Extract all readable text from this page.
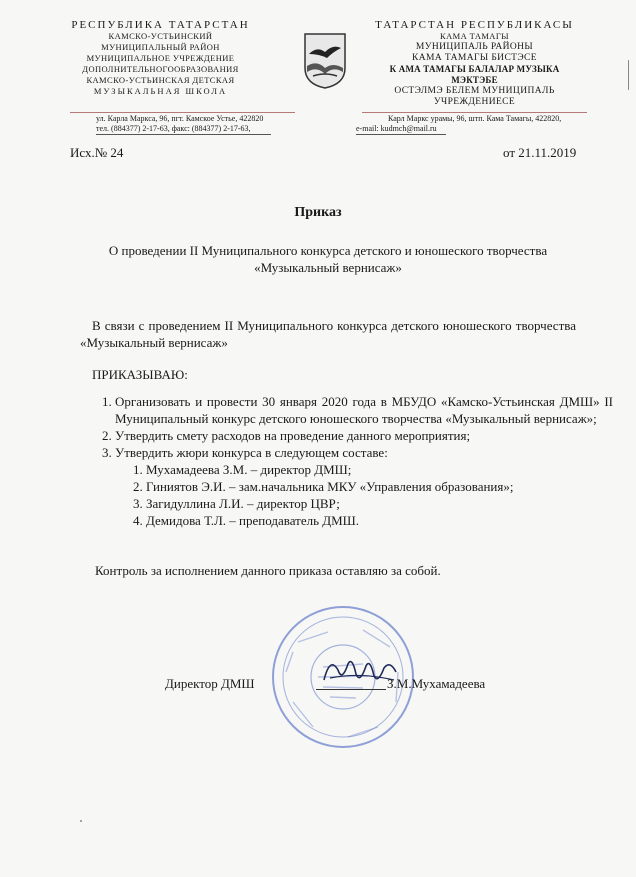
РЕСПУБЛИКА ТАТАРСТАН
КАМСКО-УСТЬИНСКИЙ
МУНИЦИПАЛЬНЫЙ РАЙОН
МУНИЦИПАЛЬНОЕ УЧРЕЖДЕНИЕ
ДОПОЛНИТЕЛЬНОГООБРАЗОВАНИЯ
КАМСКО-УСТЬИНСКАЯ ДЕТСКАЯ
МУЗЫКАЛЬНАЯ ШКОЛА
ТАТАРСТАН РЕСПУБЛИКАСЫ
КАМА ТАМАГЫ
МУНИЦИПАЛЬ РАЙОНЫ
КАМА ТАМАГЫ БИСТЭСЕ
К АМА ТАМАГЫ БАЛАЛАР МУЗЫКА
МЭКТЭБЕ
ОСТЭЛМЭ БЕЛЕМ МУНИЦИПАЛЬ
УЧРЕЖДЕНИЕСЕ
ул. Карла Маркса, 96, пгт. Камское Устье, 422820
тел. (884377) 2-17-63, факс: (884377) 2-17-63,
Карл Маркс урамы, 96, штп. Кама Тамагы, 422820,
e-mail: kudmch@mail.ru
Исх.№ 24	от 21.11.2019
Приказ
О проведении II Муниципального конкурса детского и юношеского творчества
«Музыкальный вернисаж»
В связи с проведением II Муниципального конкурса детского юношеского творчества «Музыкальный вернисаж»
ПРИКАЗЫВАЮ:
1. Организовать и провести 30 января 2020 года в МБУДО «Камско-Устьинская ДМШ» II Муниципальный конкурс детского юношеского творчества «Музыкальный вернисаж»;
2. Утвердить смету расходов на проведение данного мероприятия;
3. Утвердить жюри конкурса в следующем составе:
1. Мухамадеева З.М. – директор ДМШ;
2. Гиниятов Э.И. – зам.начальника МКУ «Управления образования»;
3. Загидуллина Л.И. – директор ЦВР;
4. Демидова Т.Л. – преподаватель ДМШ.
Контроль за исполнением данного приказа оставляю за собой.
Директор ДМШ	З.М.Мухамадеева
